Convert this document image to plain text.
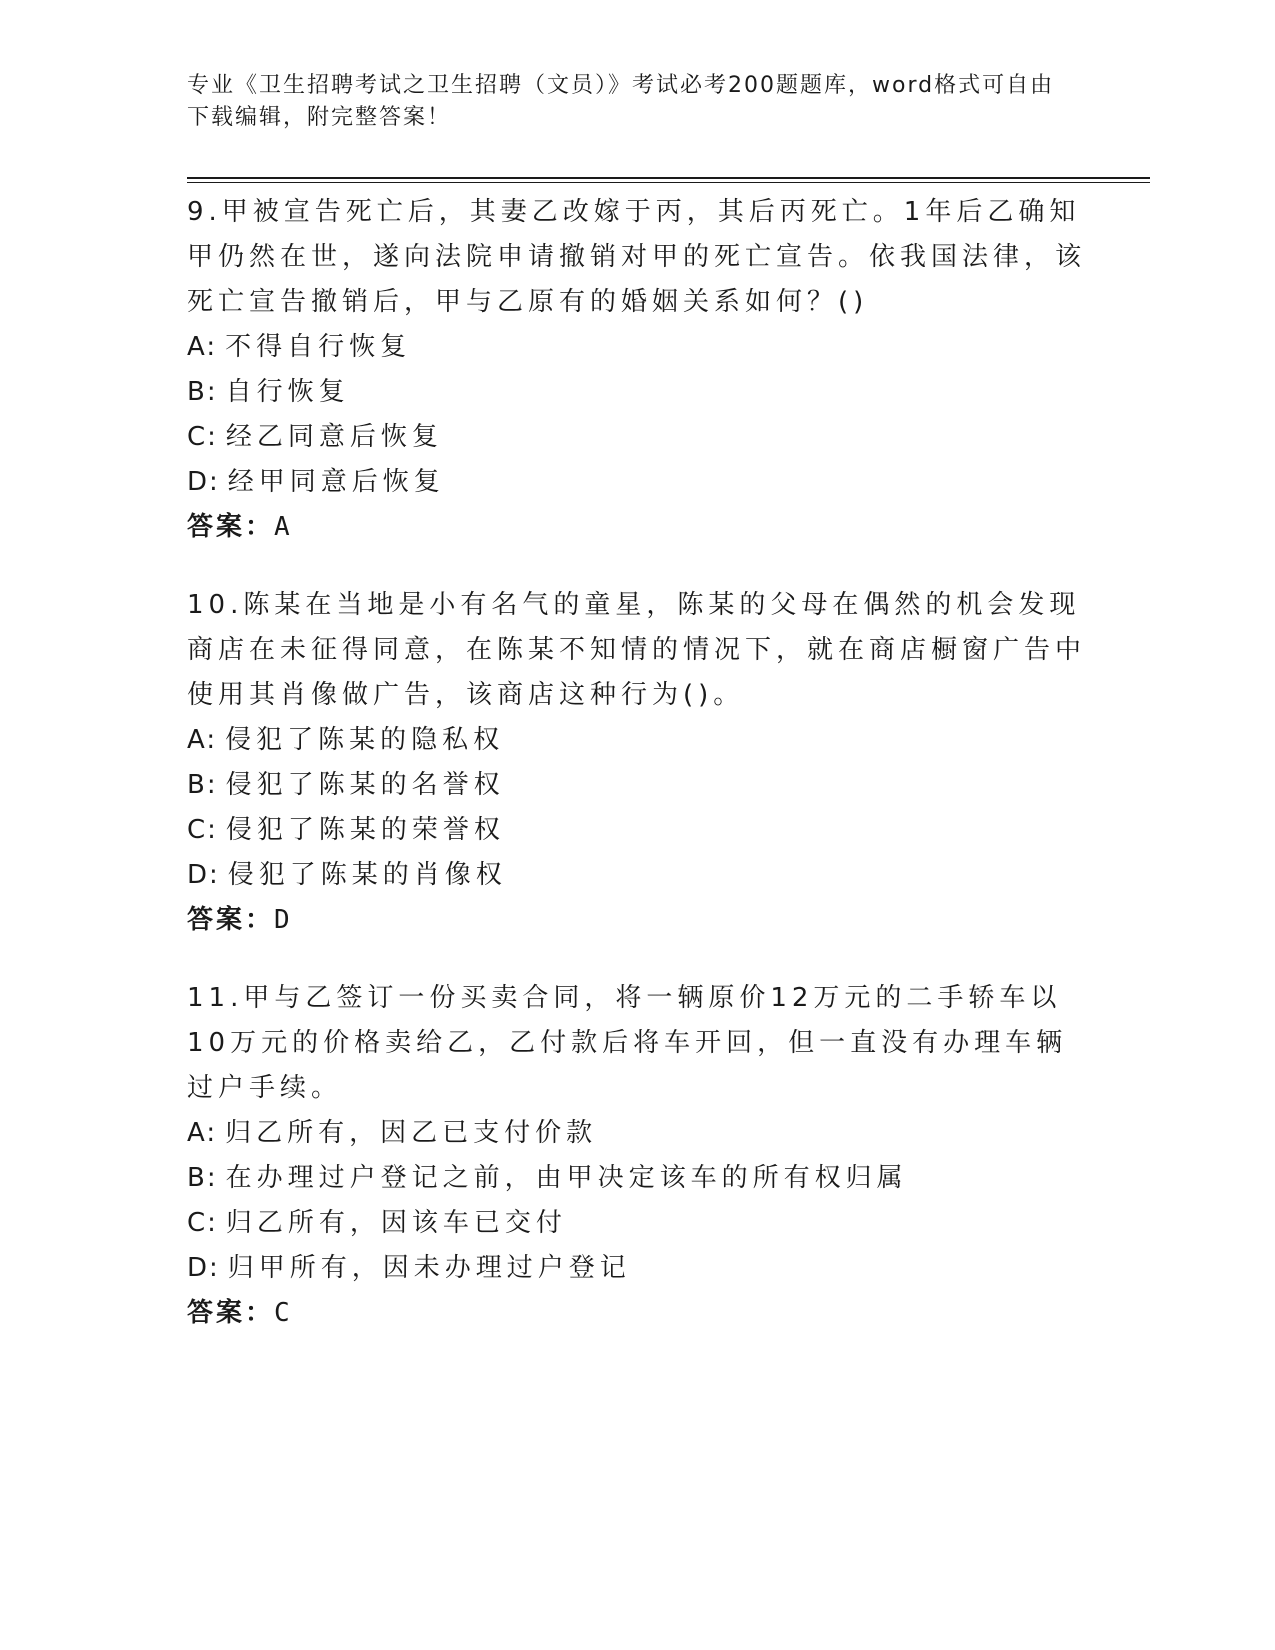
专业《卫生招聘考试之卫生招聘（文员）》考试必考200题题库，word格式可自由下载编辑，附完整答案！
9.甲被宣告死亡后，其妻乙改嫁于丙，其后丙死亡。1年后乙确知甲仍然在世，遂向法院申请撤销对甲的死亡宣告。依我国法律，该死亡宣告撤销后，甲与乙原有的婚姻关系如何？()
A: 不得自行恢复
B: 自行恢复
C: 经乙同意后恢复
D: 经甲同意后恢复
答案：A
10.陈某在当地是小有名气的童星，陈某的父母在偶然的机会发现商店在未征得同意，在陈某不知情的情况下，就在商店橱窗广告中使用其肖像做广告，该商店这种行为()。
A: 侵犯了陈某的隐私权
B: 侵犯了陈某的名誉权
C: 侵犯了陈某的荣誉权
D: 侵犯了陈某的肖像权
答案：D
11.甲与乙签订一份买卖合同，将一辆原价12万元的二手轿车以10万元的价格卖给乙，乙付款后将车开回，但一直没有办理车辆过户手续。
A: 归乙所有，因乙已支付价款
B: 在办理过户登记之前，由甲决定该车的所有权归属
C: 归乙所有，因该车已交付
D: 归甲所有，因未办理过户登记
答案：C
